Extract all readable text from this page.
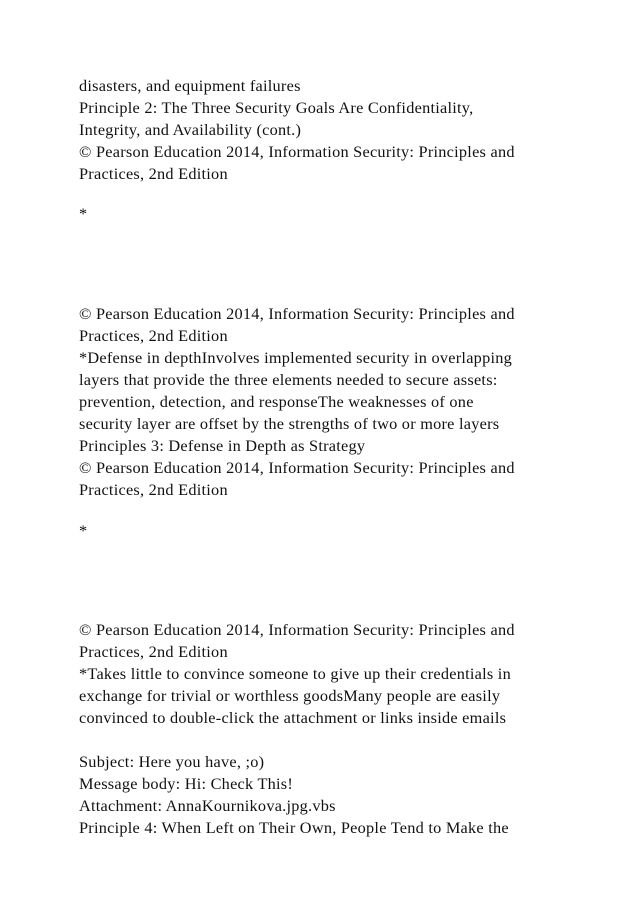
disasters, and equipment failures
Principle 2: The Three Security Goals Are Confidentiality,
Integrity, and Availability (cont.)
© Pearson Education 2014, Information Security: Principles and
Practices, 2nd Edition
*
© Pearson Education 2014, Information Security: Principles and
Practices, 2nd Edition
*Defense in depthInvolves implemented security in overlapping
layers that provide the three elements needed to secure assets:
prevention, detection, and responseThe weaknesses of one
security layer are offset by the strengths of two or more layers
Principles 3: Defense in Depth as Strategy
© Pearson Education 2014, Information Security: Principles and
Practices, 2nd Edition
*
© Pearson Education 2014, Information Security: Principles and
Practices, 2nd Edition
*Takes little to convince someone to give up their credentials in
exchange for trivial or worthless goodsMany people are easily
convinced to double-click the attachment or links inside emails
Subject: Here you have, ;o)
Message body: Hi: Check This!
Attachment: AnnaKournikova.jpg.vbs
Principle 4: When Left on Their Own, People Tend to Make the
